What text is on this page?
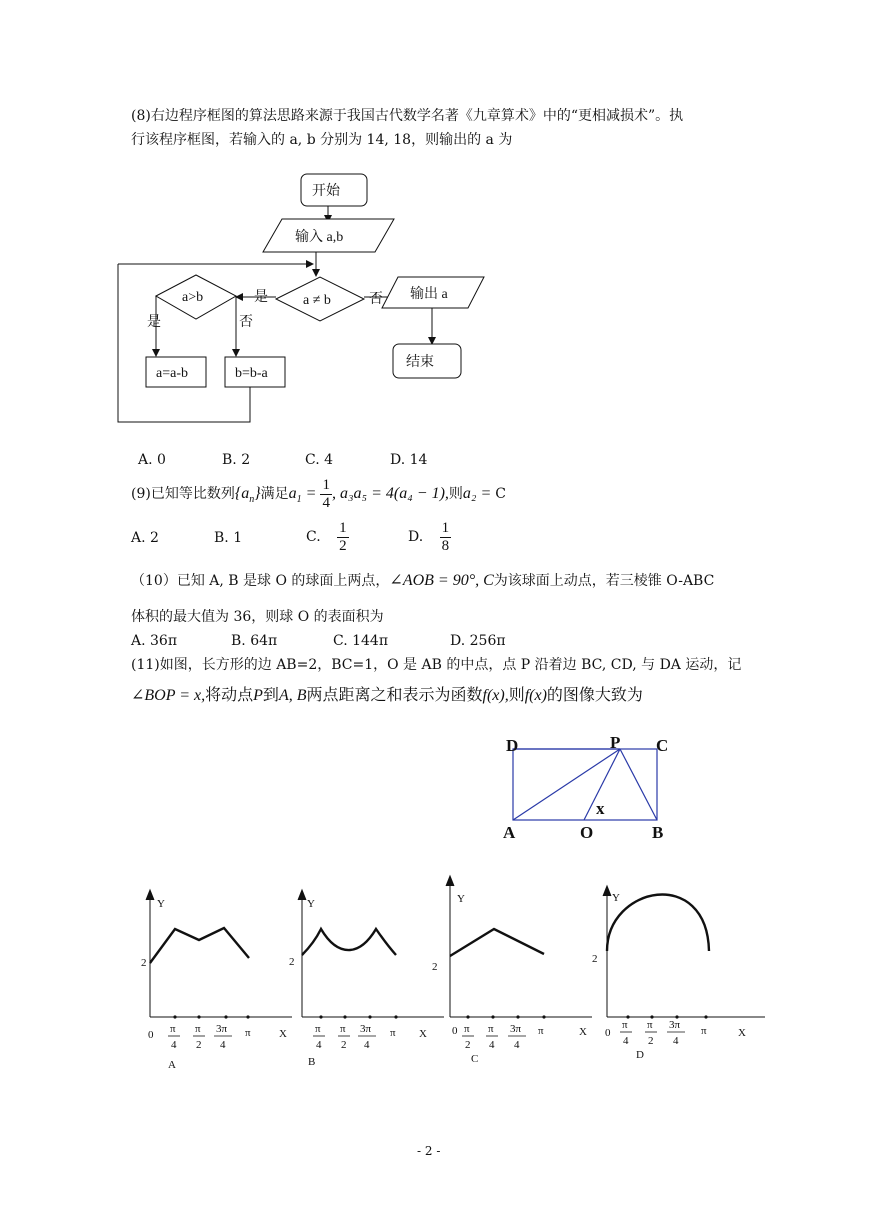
(8)右边程序框图的算法思路来源于我国古代数学名著《九章算术》中的“更相减损术”。执
行该程序框图，若输入的 a, b 分别为 14, 18，则输出的 a 为
开始
输入 a,b
a ≠ b
a>b	是	否
是	否
a=a-b	b=b-a
输出 a
结束
A. 0	B. 2	C. 4	D. 14
(9)已知等比数列$\{a_n\}$满足$a_1 = \frac{1}{4}$ , a₃a₅ = 4(a₄ − 1),则a₂ = C
A. 2	B. 1	C. $\frac{1}{2}$	D. $\frac{1}{8}$
（10）已知 A, B 是球 O 的球面上两点，∠AOB = 90°, C为该球面上动点，若三棱锥 O-ABC
体积的最大值为 36，则球 O 的表面积为
A. 36π	B. 64π	C. 144π	D. 256π
(11)如图，长方形的边 AB=2，BC=1，O 是 AB 的中点，点 P 沿着边 BC, CD, 与 DA 运动，记
∠BOP = x,将动点P到A, B两点距离之和表示为函数f(x),则f(x)的图像大致为
D	P C
A	O	B
x
Y
2
0 π
4
π
2
3π
4
π	X
A
Y
2
π
4
π
2
3π
4
π X
B
Y
2
0 π
2
π
4
3π
4
π	X
C
Y
2
0
π
4
π
2
3π
4
π	X
D
- 2 -
